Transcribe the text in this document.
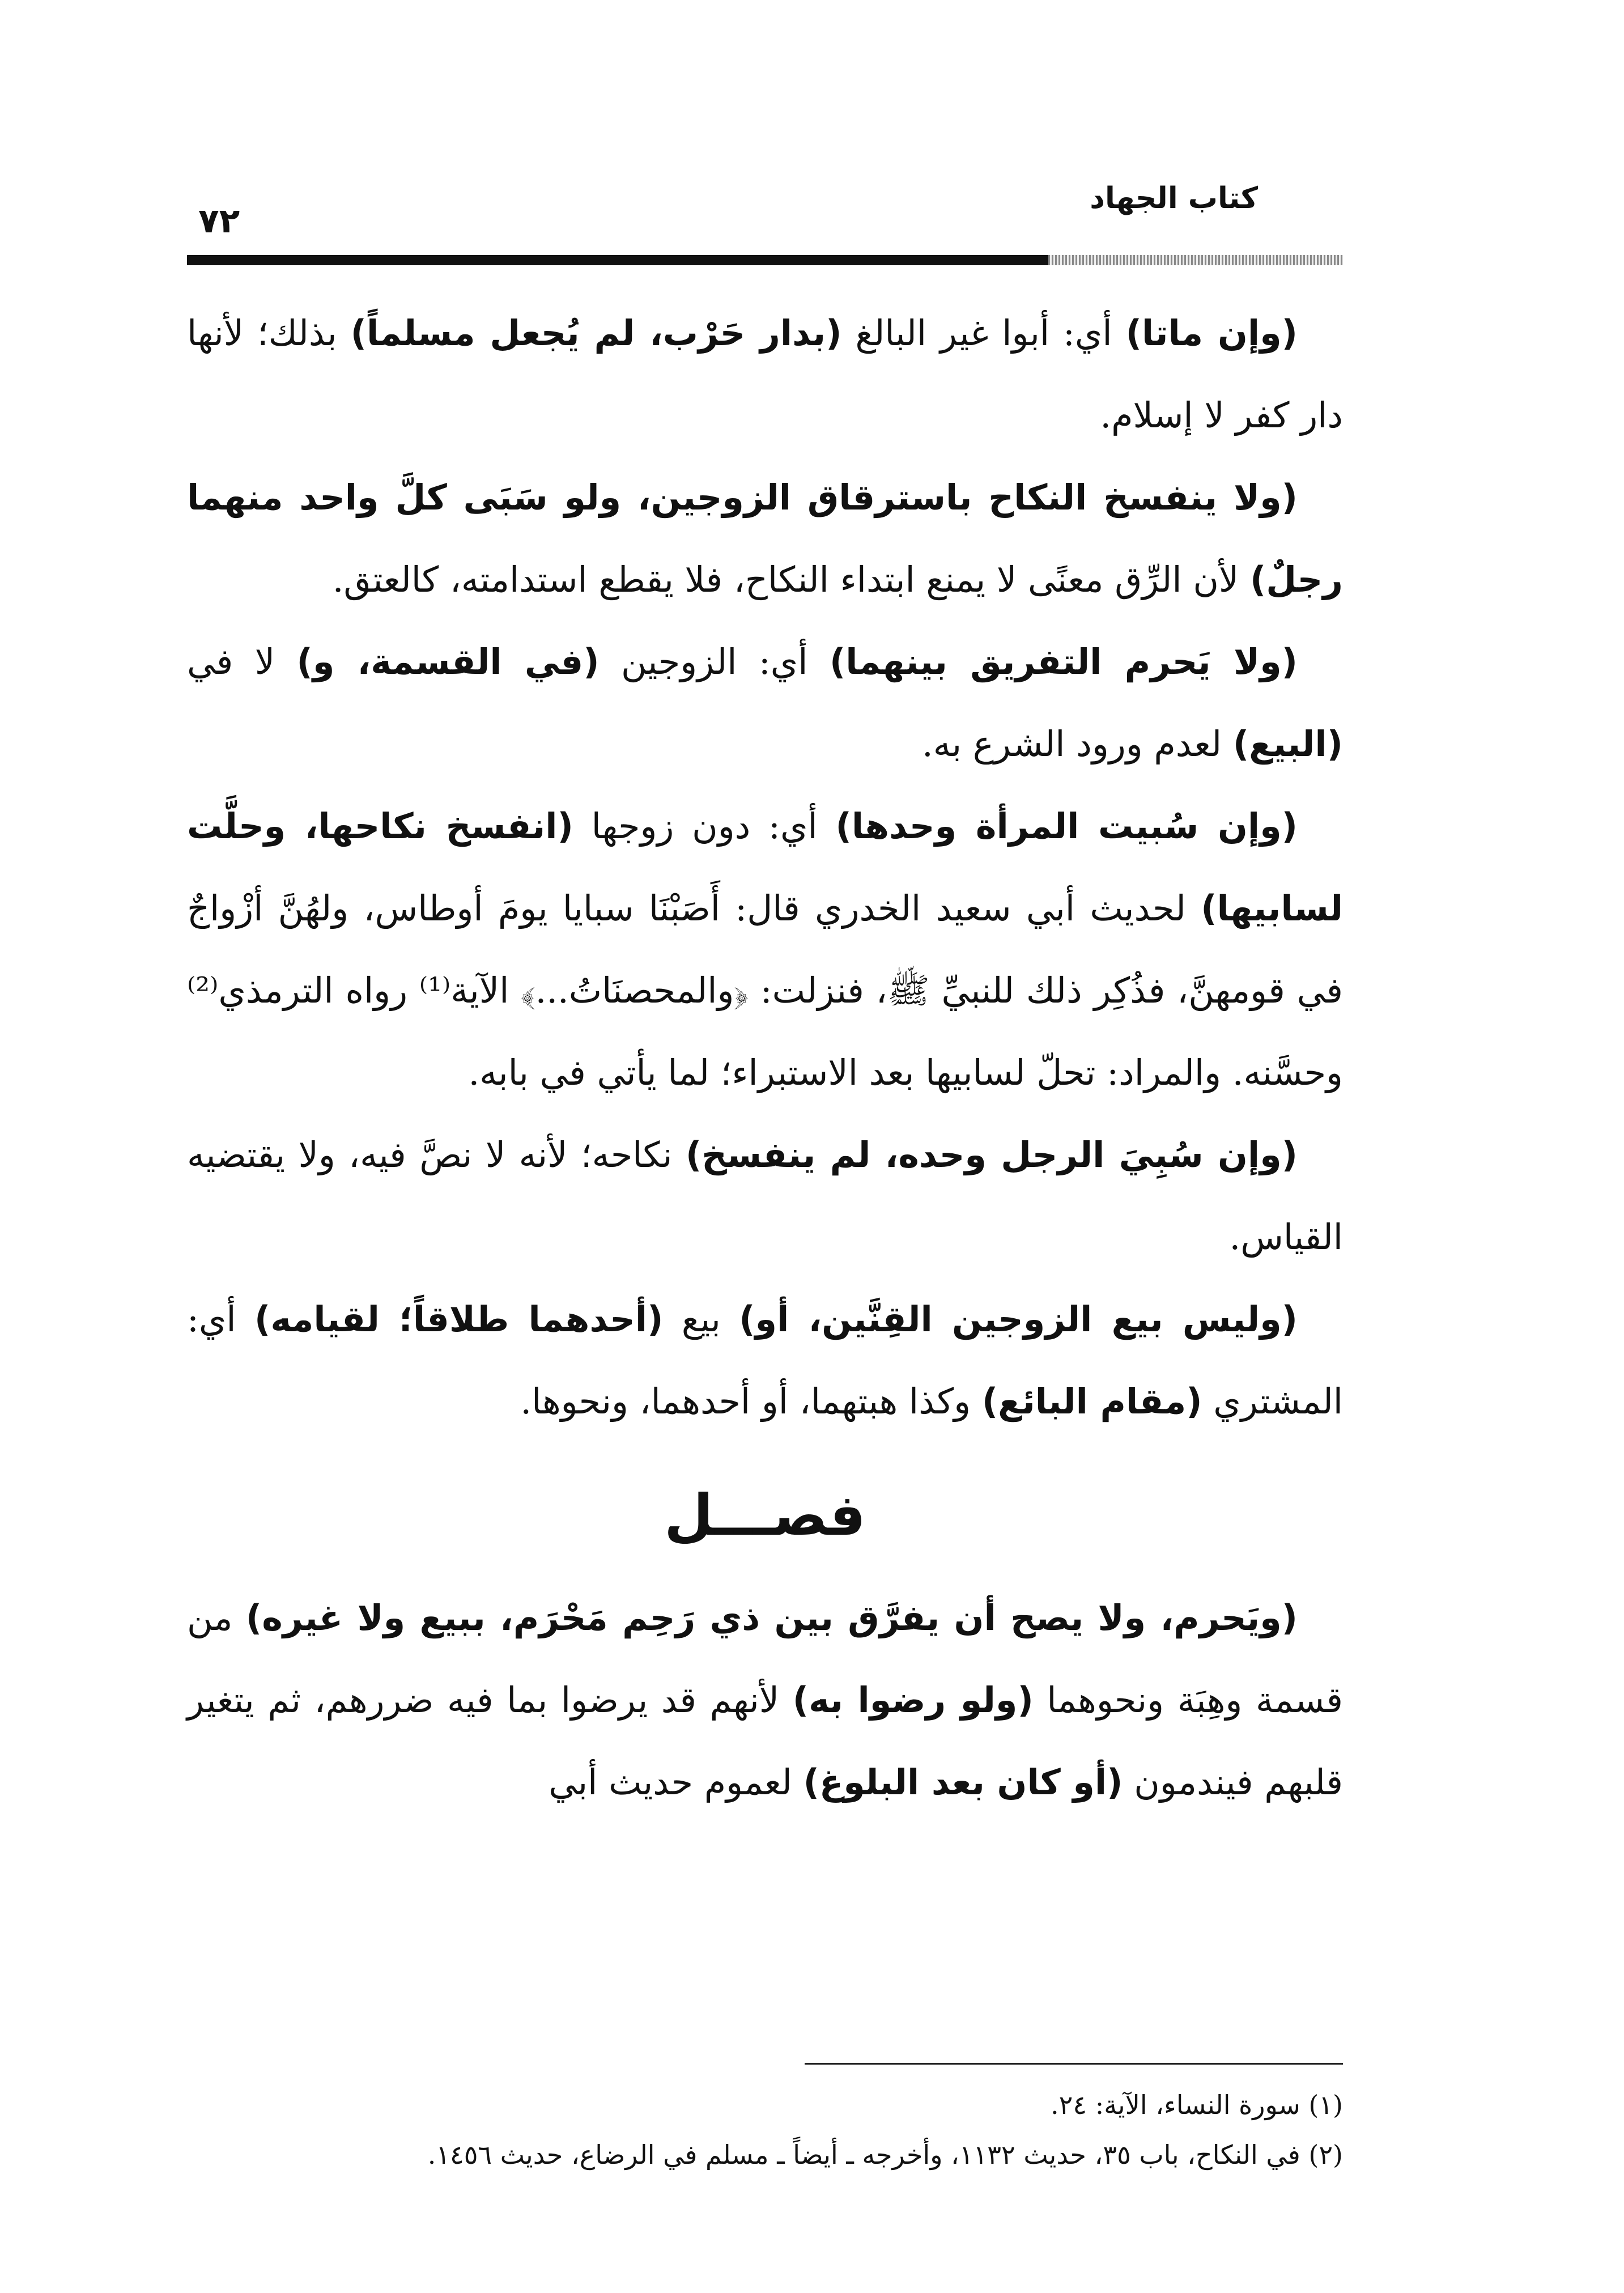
كتاب الجهاد
٧٢

(وإن ماتا) أي: أبوا غير البالغ (بدار حَرْب، لم يُجعل مسلماً) بذلك؛ لأنها دار كفر لا إسلام.

(ولا ينفسخ النكاح باسترقاق الزوجين، ولو سَبَى كلَّ واحد منهما رجلٌ) لأن الرِّق معنًى لا يمنع ابتداء النكاح، فلا يقطع استدامته، كالعتق.

(ولا يَحرم التفريق بينهما) أي: الزوجين (في القسمة، و) لا في (البيع) لعدم ورود الشرع به.

(وإن سُبيت المرأة وحدها) أي: دون زوجها (انفسخ نكاحها، وحلَّت لسابيها) لحديث أبي سعيد الخدري قال: أَصَبْنَا سبايا يومَ أوطاس، ولهُنَّ أزْواجٌ في قومهنَّ، فذُكِر ذلك للنبيِّ ﷺ، فنزلت: ﴿والمحصنَاتُ...﴾ الآية⁽¹⁾ رواه الترمذي⁽²⁾ وحسَّنه. والمراد: تحلّ لسابيها بعد الاستبراء؛ لما يأتي في بابه.

(وإن سُبِيَ الرجل وحده، لم ينفسخ) نكاحه؛ لأنه لا نصَّ فيه، ولا يقتضيه القياس.

(وليس بيع الزوجين القِنَّين، أو) بيع (أحدهما طلاقاً؛ لقيامه) أي: المشتري (مقام البائع) وكذا هبتهما، أو أحدهما، ونحوها.

فصـــل

(ويَحرم، ولا يصح أن يفرَّق بين ذي رَحِم مَحْرَم، ببيع ولا غيره) من قسمة وهِبَة ونحوهما (ولو رضوا به) لأنهم قد يرضوا بما فيه ضررهم، ثم يتغير قلبهم فيندمون (أو كان بعد البلوغ) لعموم حديث أبي

(١) سورة النساء، الآية: ٢٤.

(٢) في النكاح، باب ٣٥، حديث ١١٣٢، وأخرجه ـ أيضاً ـ مسلم في الرضاع، حديث ١٤٥٦.
